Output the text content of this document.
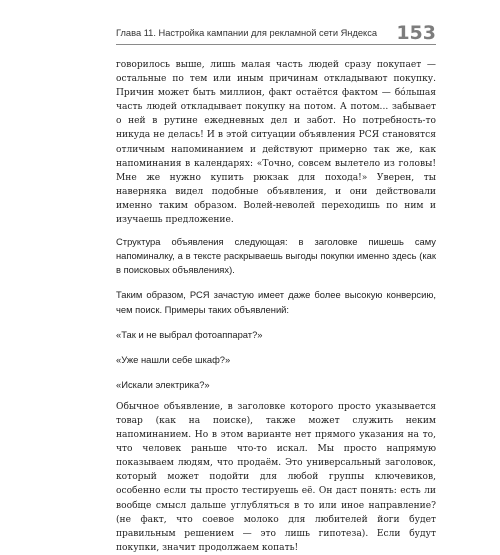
Глава 11. Настройка кампании для рекламной сети Яндекса 153

говорилось выше, лишь малая часть людей сразу покупает — остальные по тем или иным причинам откладывают покупку. Причин может быть миллион, факт остаётся фактом — бóльшая часть людей откладывает покупку на потом. А потом... забывает о ней в рутине ежедневных дел и забот. Но потребность-то никуда не делась! И в этой ситуации объявления РСЯ становятся отличным напоминанием и действуют примерно так же, как напоминания в календарях: «Точно, совсем вылетело из головы! Мне же нужно купить рюкзак для похода!» Уверен, ты наверняка видел подобные объявления, и они действовали именно таким образом. Волей-неволей переходишь по ним и изучаешь предложение.

Структура объявления следующая: в заголовке пишешь саму напоминалку, а в тексте раскрываешь выгоды покупки именно здесь (как в поисковых объявлениях).

Таким образом, РСЯ зачастую имеет даже более высокую конверсию, чем поиск. Примеры таких объявлений:

«Так и не выбрал фотоаппарат?»

«Уже нашли себе шкаф?»

«Искали электрика?»

Обычное объявление, в заголовке которого просто указывается товар (как на поиске), также может служить неким напоминанием. Но в этом варианте нет прямого указания на то, что человек раньше что-то искал. Мы просто напрямую показываем людям, что продаём. Это универсальный заголовок, который может подойти для любой группы ключевиков, особенно если ты просто тестируешь её. Он даст понять: есть ли вообще смысл дальше углубляться в то или иное направление? (не факт, что соевое молоко для любителей йоги будет правильным решением — это лишь гипотеза). Если будут покупки, значит продолжаем копать!
